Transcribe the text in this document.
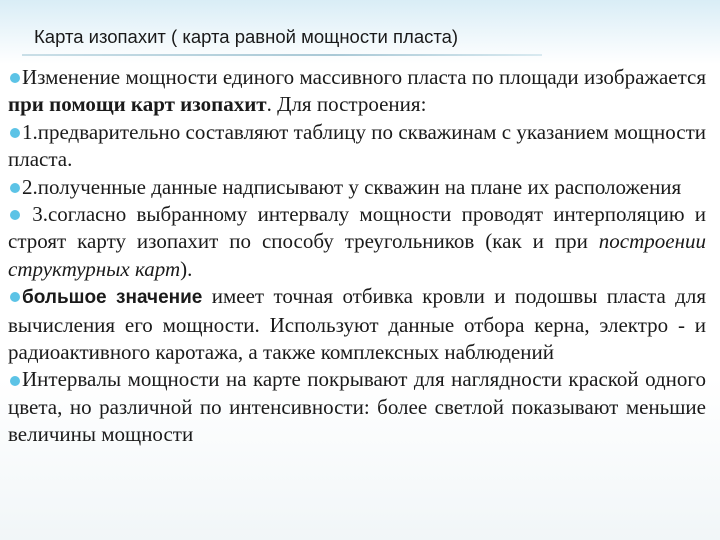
Карта изопахит ( карта равной мощности пласта)

Изменение мощности единого массивного пласта по площади изображается при помощи карт изопахит. Для построения:

1.предварительно составляют таблицу по скважинам с указанием мощности пласта.

2.полученные данные надписывают у скважин на плане их расположения

3.согласно выбранному интервалу мощности проводят интерполяцию и строят карту изопахит по способу треугольников (как и при построении структурных карт).

большое значение имеет точная отбивка кровли и подошвы пласта для вычисления его мощности. Используют данные отбора керна, электро - и радиоактивного каротажа, а также комплексных наблюдений

Интервалы мощности на карте покрывают для наглядности краской одного цвета, но различной по интенсивности: более светлой показывают меньшие величины мощности
